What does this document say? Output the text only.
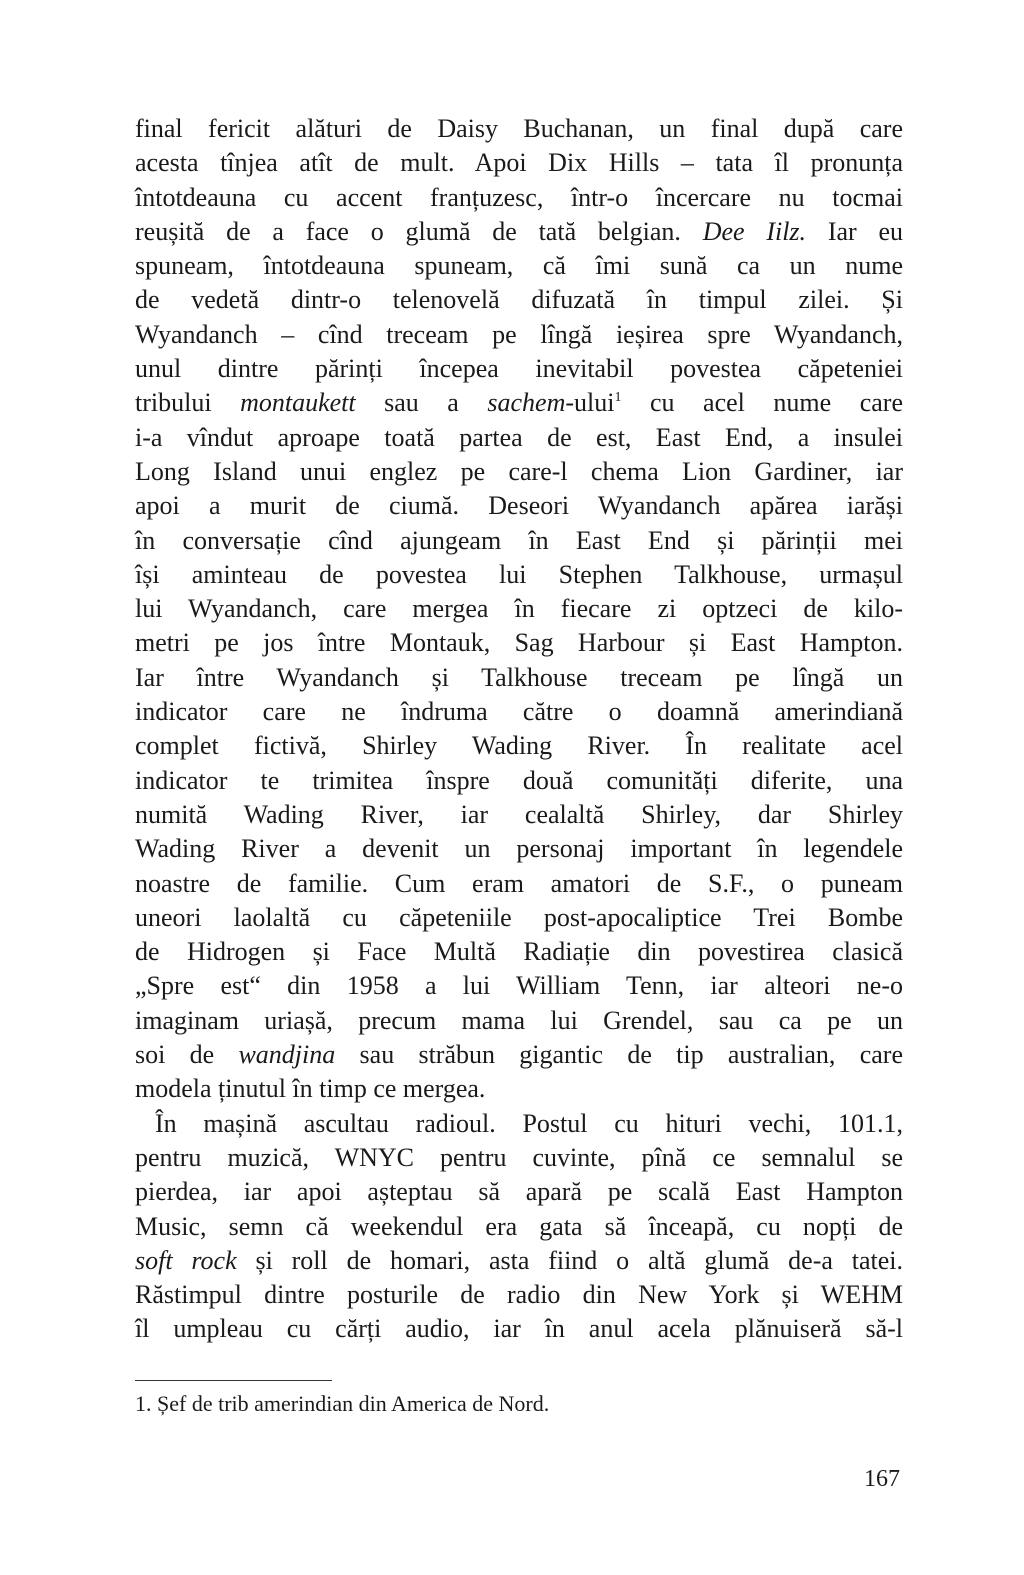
final fericit alături de Daisy Buchanan, un final după care
acesta tînjea atît de mult. Apoi Dix Hills – tata îl pronunța
întotdeauna cu accent franțuzesc, într-o încercare nu tocmai
reușită de a face o glumă de tată belgian. Dee Iilz. Iar eu
spuneam, întotdeauna spuneam, că îmi sună ca un nume
de vedetă dintr-o telenovelă difuzată în timpul zilei. Și
Wyandanch – cînd treceam pe lîngă ieșirea spre Wyandanch,
unul dintre părinți începea inevitabil povestea căpeteniei
tribului montaukett sau a sachem-ului$^1$ cu acel nume care
i-a vîndut aproape toată partea de est, East End, a insulei
Long Island unui englez pe care-l chema Lion Gardiner, iar
apoi a murit de ciumă. Deseori Wyandanch apărea iarăși
în conversație cînd ajungeam în East End și părinții mei
își aminteau de povestea lui Stephen Talkhouse, urmașul
lui Wyandanch, care mergea în fiecare zi optzeci de kilo-
metri pe jos între Montauk, Sag Harbour și East Hampton.
Iar între Wyandanch și Talkhouse treceam pe lîngă un
indicator care ne îndruma către o doamnă amerindiană
complet fictivă, Shirley Wading River. În realitate acel
indicator te trimitea înspre două comunități diferite, una
numită Wading River, iar cealaltă Shirley, dar Shirley
Wading River a devenit un personaj important în legendele
noastre de familie. Cum eram amatori de S.F., o puneam
uneori laolaltă cu căpeteniile post-apocaliptice Trei Bombe
de Hidrogen și Face Multă Radiație din povestirea clasică
„Spre est“ din 1958 a lui William Tenn, iar alteori ne-o
imaginam uriașă, precum mama lui Grendel, sau ca pe un
soi de wandjina sau străbun gigantic de tip australian, care
modela ținutul în timp ce mergea.
În mașină ascultau radioul. Postul cu hituri vechi, 101.1,
pentru muzică, WNYC pentru cuvinte, pînă ce semnalul se
pierdea, iar apoi așteptau să apară pe scală East Hampton
Music, semn că weekendul era gata să înceapă, cu nopți de
soft rock și roll de homari, asta fiind o altă glumă de-a tatei.
Răstimpul dintre posturile de radio din New York și WEHM
îl umpleau cu cărți audio, iar în anul acela plănuiseră să-l
1. Șef de trib amerindian din America de Nord.
167
